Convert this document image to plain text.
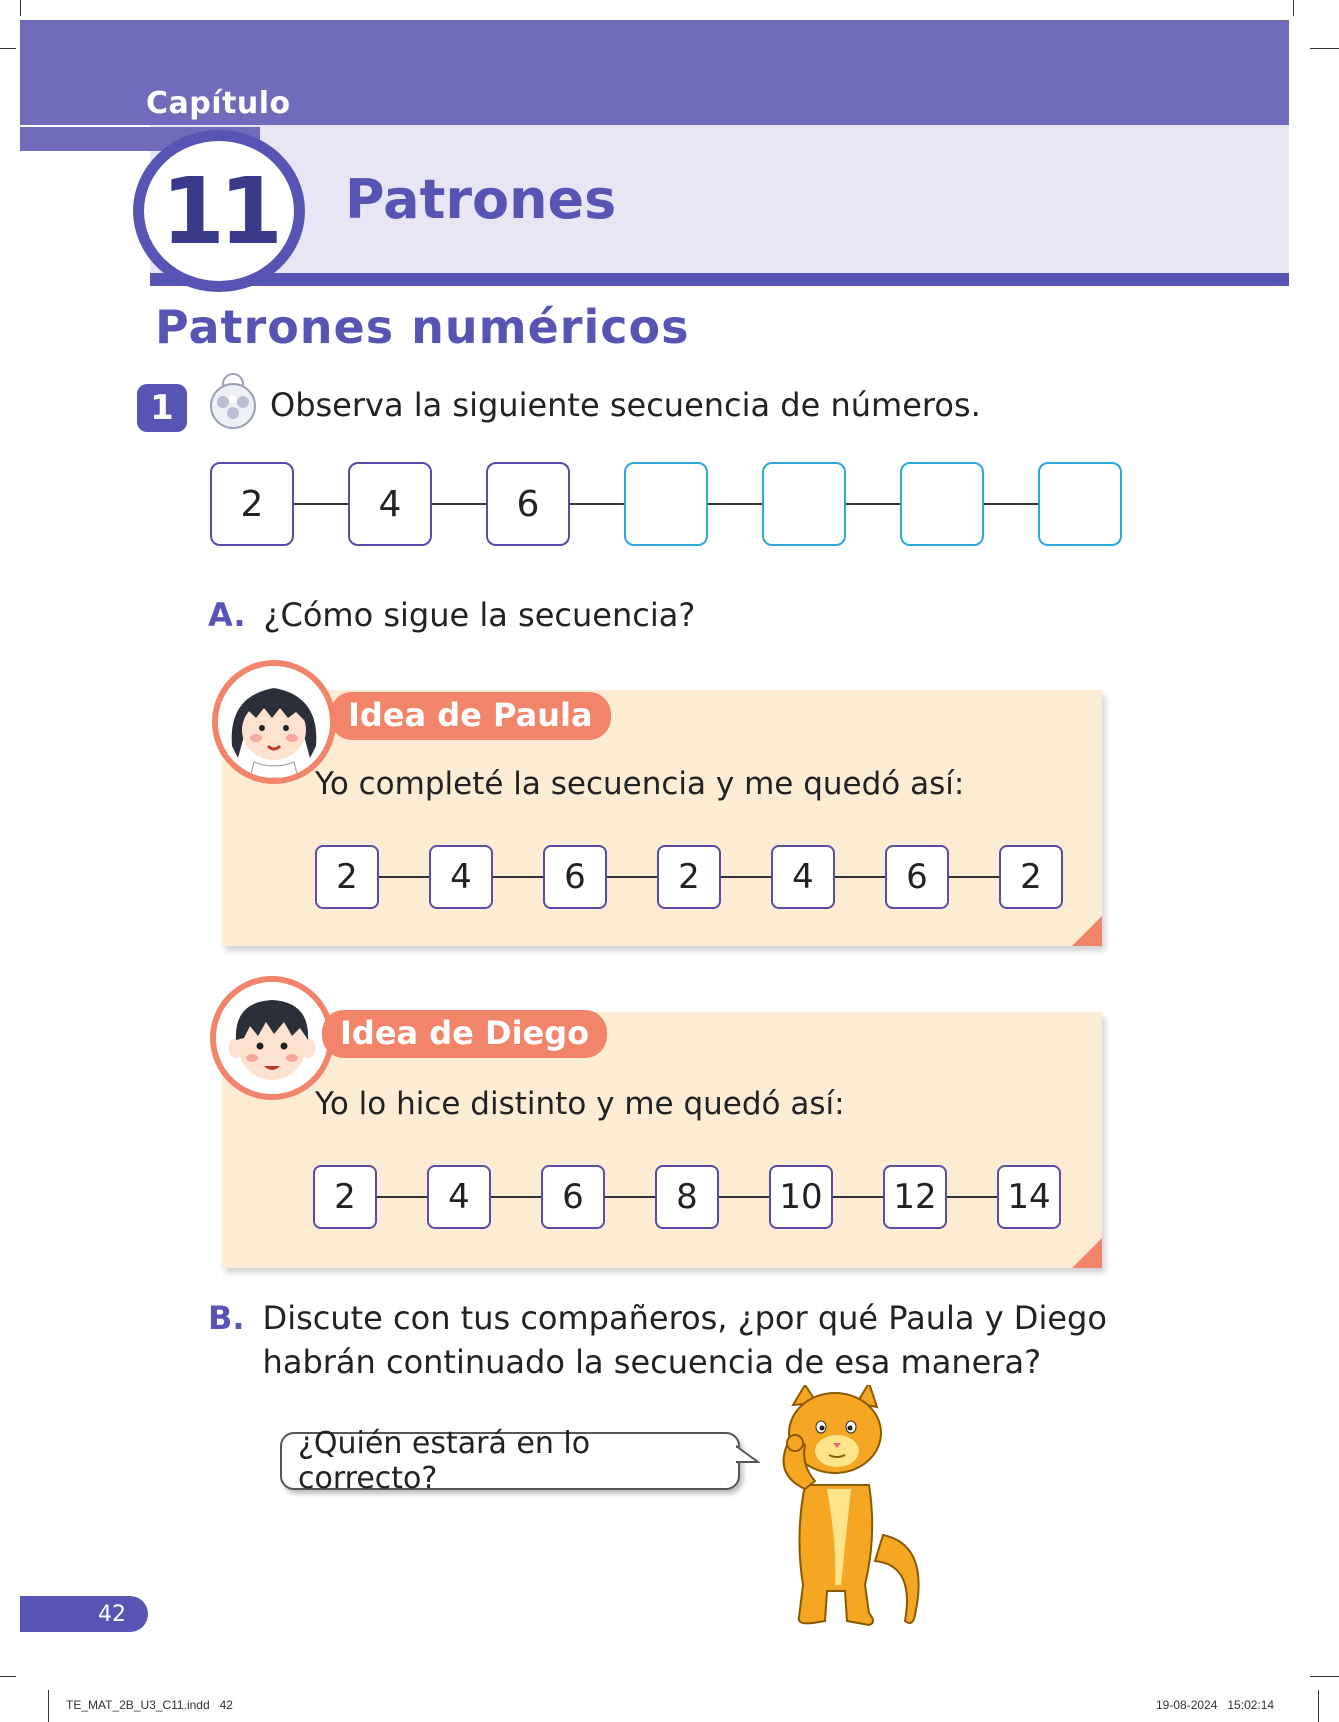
Capítulo
11 Patrones
Patrones numéricos
1	Observa la siguiente secuencia de números.
2	4	6
A. ¿Cómo sigue la secuencia?
Idea de Paula
Yo completé la secuencia y me quedó así:
2	4	6	2	4	6	2
Idea de Diego
Yo lo hice distinto y me quedó así:
2	4	6	8	10	12	14
B. Discute con tus compañeros, ¿por qué Paula y Diego
habrán continuado la secuencia de esa manera?
¿Quién estará en lo correcto?
42
TE_MAT_2B_U3_C11.indd   42	19-08-2024   15:02:14
